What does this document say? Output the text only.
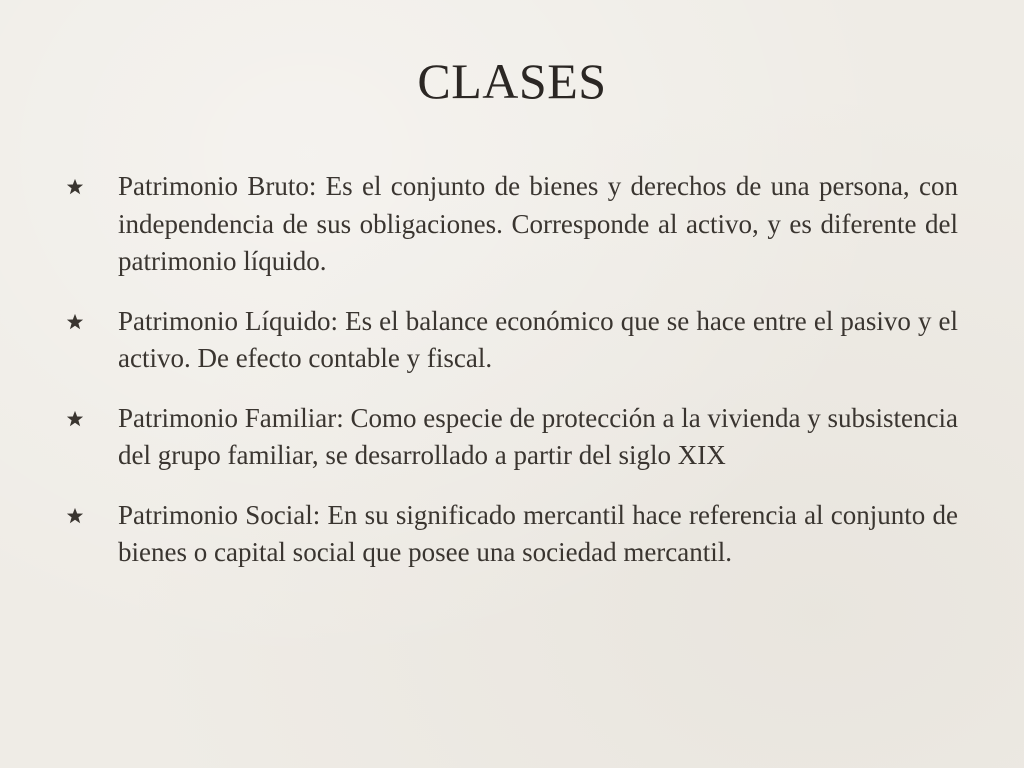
CLASES
Patrimonio Bruto: Es el conjunto de bienes y derechos de una persona, con independencia de sus obligaciones. Corresponde al activo, y es diferente del patrimonio líquido.
Patrimonio Líquido: Es el balance económico que se hace entre el pasivo y el activo. De efecto contable y fiscal.
Patrimonio Familiar: Como especie de protección a la vivienda y subsistencia del grupo familiar, se desarrollado a partir del siglo XIX
Patrimonio Social: En su significado mercantil hace referencia al conjunto de bienes o capital social que posee una sociedad mercantil.
